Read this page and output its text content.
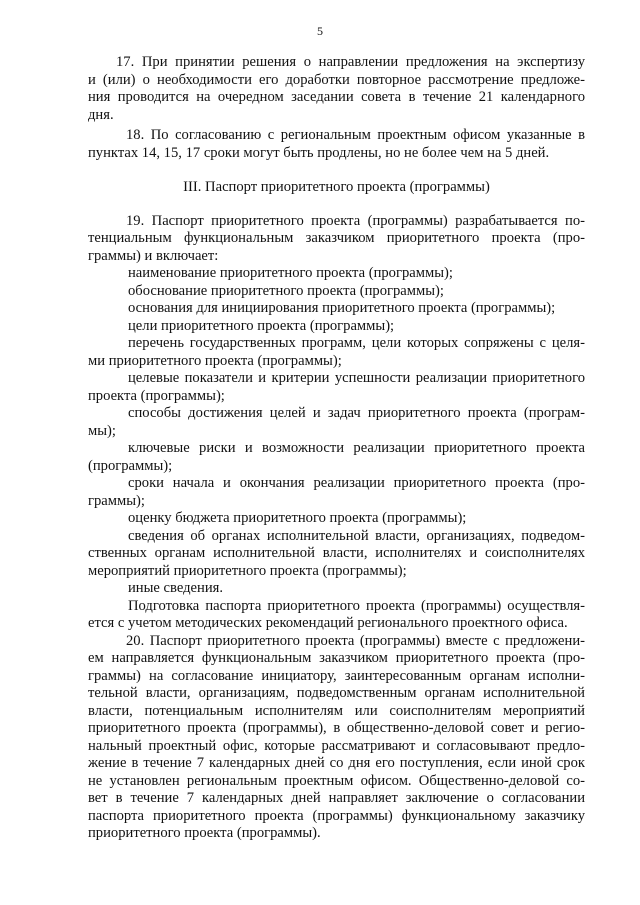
5

17. При принятии решения о направлении предложения на экспертизу

и (или) о необходимости его доработки повторное рассмотрение предложе-

ния проводится на очередном заседании совета в течение 21 календарного

дня.

18. По согласованию с региональным проектным офисом указанные в

пунктах 14, 15, 17 сроки могут быть продлены, но не более чем на 5 дней.

III. Паспорт приоритетного проекта (программы)

19. Паспорт приоритетного проекта (программы) разрабатывается по-

тенциальным функциональным заказчиком приоритетного проекта (про-

граммы) и включает:

наименование приоритетного проекта (программы);

обоснование приоритетного проекта (программы);

основания для инициирования приоритетного проекта (программы);

цели приоритетного проекта (программы);

перечень государственных программ, цели которых сопряжены с целя-

ми приоритетного проекта (программы);

целевые показатели и критерии успешности реализации приоритетного

проекта (программы);

способы достижения целей и задач приоритетного проекта (програм-

мы);

ключевые риски и возможности реализации приоритетного проекта

(программы);

сроки начала и окончания реализации приоритетного проекта (про-

граммы);

оценку бюджета приоритетного проекта (программы);

сведения об органах исполнительной власти, организациях, подведом-

ственных органам исполнительной власти, исполнителях и соисполнителях

мероприятий приоритетного проекта (программы);

иные сведения.

Подготовка паспорта приоритетного проекта (программы) осуществля-

ется с учетом методических рекомендаций регионального проектного офиса.

20. Паспорт приоритетного проекта (программы) вместе с предложени-

ем направляется функциональным заказчиком приоритетного проекта (про-

граммы) на согласование инициатору, заинтересованным органам исполни-

тельной власти, организациям, подведомственным органам исполнительной

власти, потенциальным исполнителям или соисполнителям мероприятий

приоритетного проекта (программы), в общественно-деловой совет и регио-

нальный проектный офис, которые рассматривают и согласовывают предло-

жение в течение 7 календарных дней со дня его поступления, если иной срок

не установлен региональным проектным офисом. Общественно-деловой со-

вет в течение 7 календарных дней направляет заключение о согласовании

паспорта приоритетного проекта (программы) функциональному заказчику

приоритетного проекта (программы).
